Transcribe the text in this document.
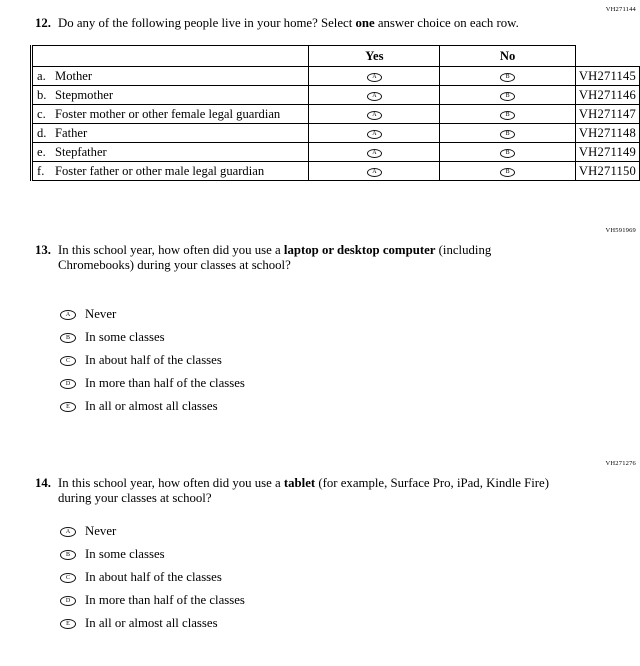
VH271144
12. Do any of the following people live in your home? Select one answer choice on each row.
	Yes	No	

a. Mother	A	B	VH271145

b. Stepmother	A	B	VH271146

c. Foster mother or other female legal guardian	A	B	VH271147

d. Father	A	B	VH271148

e. Stepfather	A	B	VH271149

f. Foster father or other male legal guardian	A	B	VH271150
VH591969
13. In this school year, how often did you use a laptop or desktop computer (including Chromebooks) during your classes at school?
A Never
B In some classes
C In about half of the classes
D In more than half of the classes
E In all or almost all classes
VH271276
14. In this school year, how often did you use a tablet (for example, Surface Pro, iPad, Kindle Fire) during your classes at school?
A Never
B In some classes
C In about half of the classes
D In more than half of the classes
E In all or almost all classes
